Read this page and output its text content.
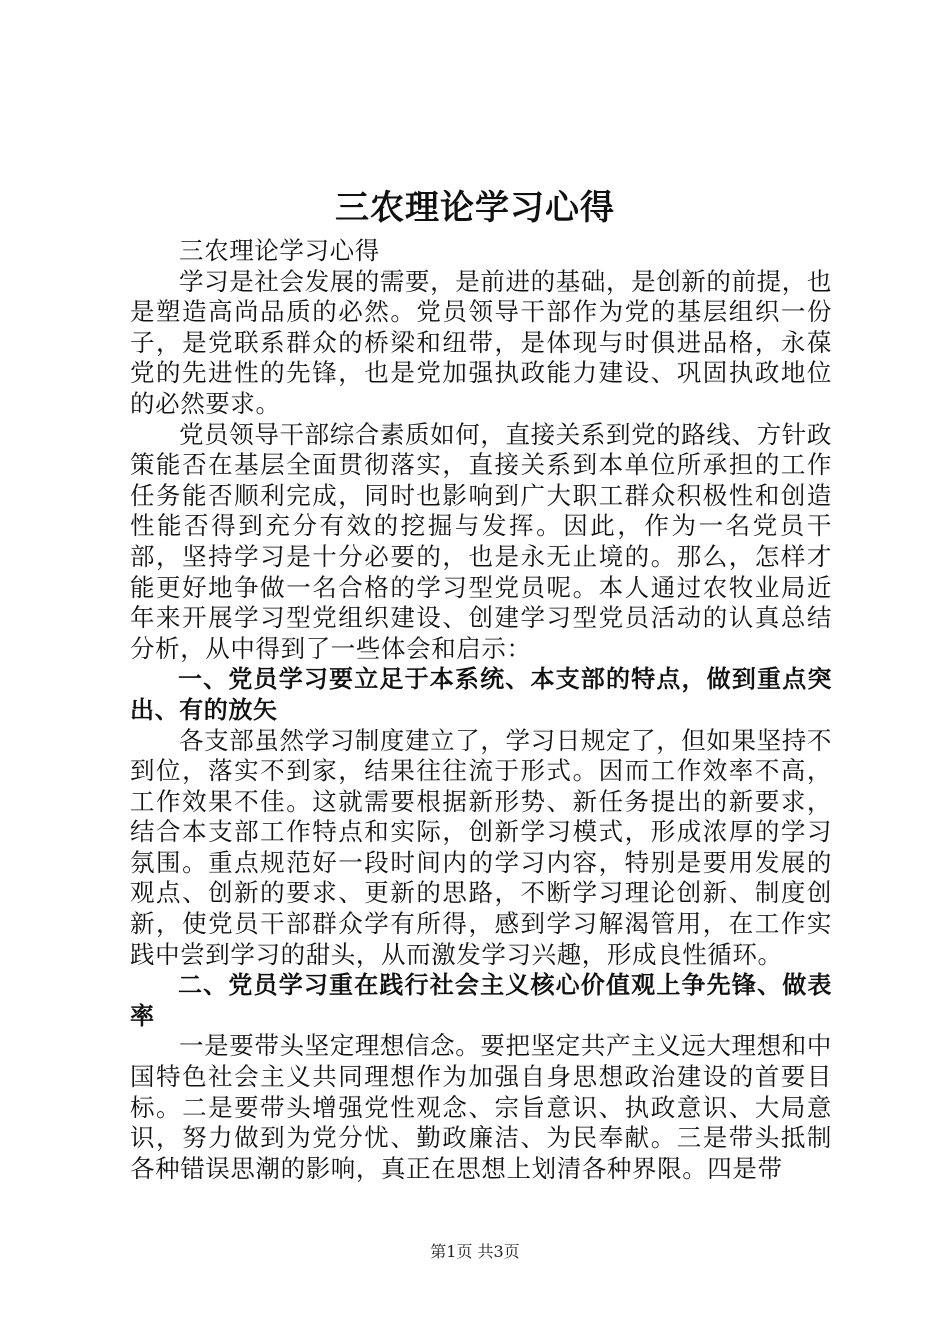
三农理论学习心得

三农理论学习心得

学习是社会发展的需要，是前进的基础，是创新的前提，也是塑造高尚品质的必然。党员领导干部作为党的基层组织一份子，是党联系群众的桥梁和纽带，是体现与时俱进品格，永葆党的先进性的先锋，也是党加强执政能力建设、巩固执政地位的必然要求。

党员领导干部综合素质如何，直接关系到党的路线、方针政策能否在基层全面贯彻落实，直接关系到本单位所承担的工作任务能否顺利完成，同时也影响到广大职工群众积极性和创造性能否得到充分有效的挖掘与发挥。因此，作为一名党员干部，坚持学习是十分必要的，也是永无止境的。那么，怎样才能更好地争做一名合格的学习型党员呢。本人通过农牧业局近年来开展学习型党组织建设、创建学习型党员活动的认真总结分析，从中得到了一些体会和启示：

一、党员学习要立足于本系统、本支部的特点，做到重点突出、有的放矢

各支部虽然学习制度建立了，学习日规定了，但如果坚持不到位，落实不到家，结果往往流于形式。因而工作效率不高，工作效果不佳。这就需要根据新形势、新任务提出的新要求，结合本支部工作特点和实际，创新学习模式，形成浓厚的学习氛围。重点规范好一段时间内的学习内容，特别是要用发展的观点、创新的要求、更新的思路，不断学习理论创新、制度创新，使党员干部群众学有所得，感到学习解渴管用，在工作实践中尝到学习的甜头，从而激发学习兴趣，形成良性循环。

二、党员学习重在践行社会主义核心价值观上争先锋、做表率

一是要带头坚定理想信念。要把坚定共产主义远大理想和中国特色社会主义共同理想作为加强自身思想政治建设的首要目标。二是要带头增强党性观念、宗旨意识、执政意识、大局意识，努力做到为党分忧、勤政廉洁、为民奉献。三是带头抵制各种错误思潮的影响，真正在思想上划清各种界限。四是带

第1页 共3页
